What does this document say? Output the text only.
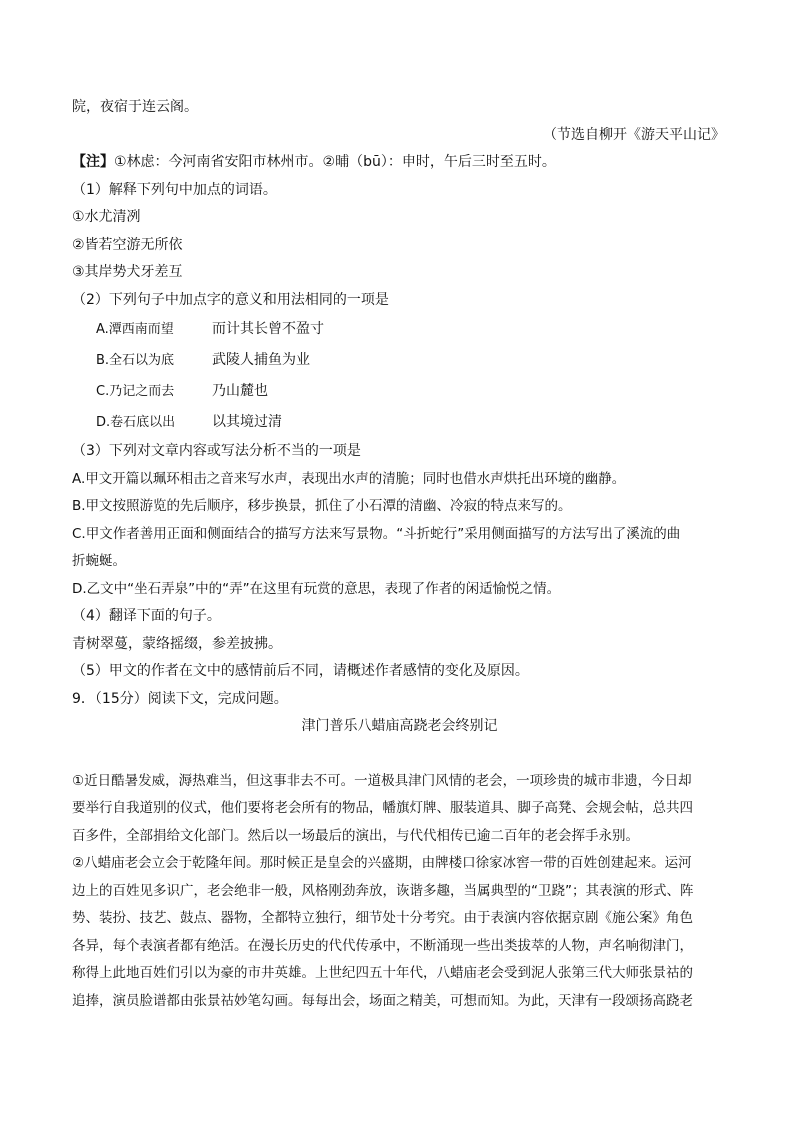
院，夜宿于连云阁。

（节选自柳开《游天平山记》

【注】①林虑：今河南省安阳市林州市。②晡（bū）：申时，午后三时至五时。

（1）解释下列句中加点的词语。

①水尤清冽

②皆若空游无所依

③其岸势犬牙差互

（2）下列句子中加点字的意义和用法相同的一项是

A.潭西南而望	而计其长曾不盈寸

B.全石以为底	武陵人捕鱼为业

C.乃记之而去	乃山麓也

D.卷石底以出	以其境过清

（3）下列对文章内容或写法分析不当的一项是

A.甲文开篇以珮环相击之音来写水声，表现出水声的清脆；同时也借水声烘托出环境的幽静。

B.甲文按照游览的先后顺序，移步换景，抓住了小石潭的清幽、冷寂的特点来写的。

C.甲文作者善用正面和侧面结合的描写方法来写景物。“斗折蛇行”采用侧面描写的方法写出了溪流的曲

折蜿蜒。

D.乙文中“坐石弄泉”中的“弄”在这里有玩赏的意思，表现了作者的闲适愉悦之情。

（4）翻译下面的句子。

青树翠蔓，蒙络摇缀，参差披拂。

（5）甲文的作者在文中的感情前后不同，请概述作者感情的变化及原因。

9．（15分）阅读下文，完成问题。

津门普乐八蜡庙高跷老会终别记

①近日酷暑发威，溽热难当，但这事非去不可。一道极具津门风情的老会，一项珍贵的城市非遗，今日却

要举行自我道别的仪式，他们要将老会所有的物品，幡旗灯牌、服装道具、脚子高凳、会规会帖，总共四

百多件，全部捐给文化部门。然后以一场最后的演出，与代代相传已逾二百年的老会挥手永别。

②八蜡庙老会立会于乾隆年间。那时候正是皇会的兴盛期，由牌楼口徐家冰窖一带的百姓创建起来。运河

边上的百姓见多识广，老会绝非一般，风格刚劲奔放，诙谐多趣，当属典型的“卫跷”；其表演的形式、阵

势、装扮、技艺、鼓点、器物，全都特立独行，细节处十分考究。由于表演内容依据京剧《施公案》角色

各异，每个表演者都有绝活。在漫长历史的代代传承中，不断涌现一些出类拔萃的人物，声名响彻津门，

称得上此地百姓们引以为豪的市井英雄。上世纪四五十年代，八蜡庙老会受到泥人张第三代大师张景祜的

追捧，演员脸谱都由张景祜妙笔勾画。每每出会，场面之精美，可想而知。为此，天津有一段颂扬高跷老
